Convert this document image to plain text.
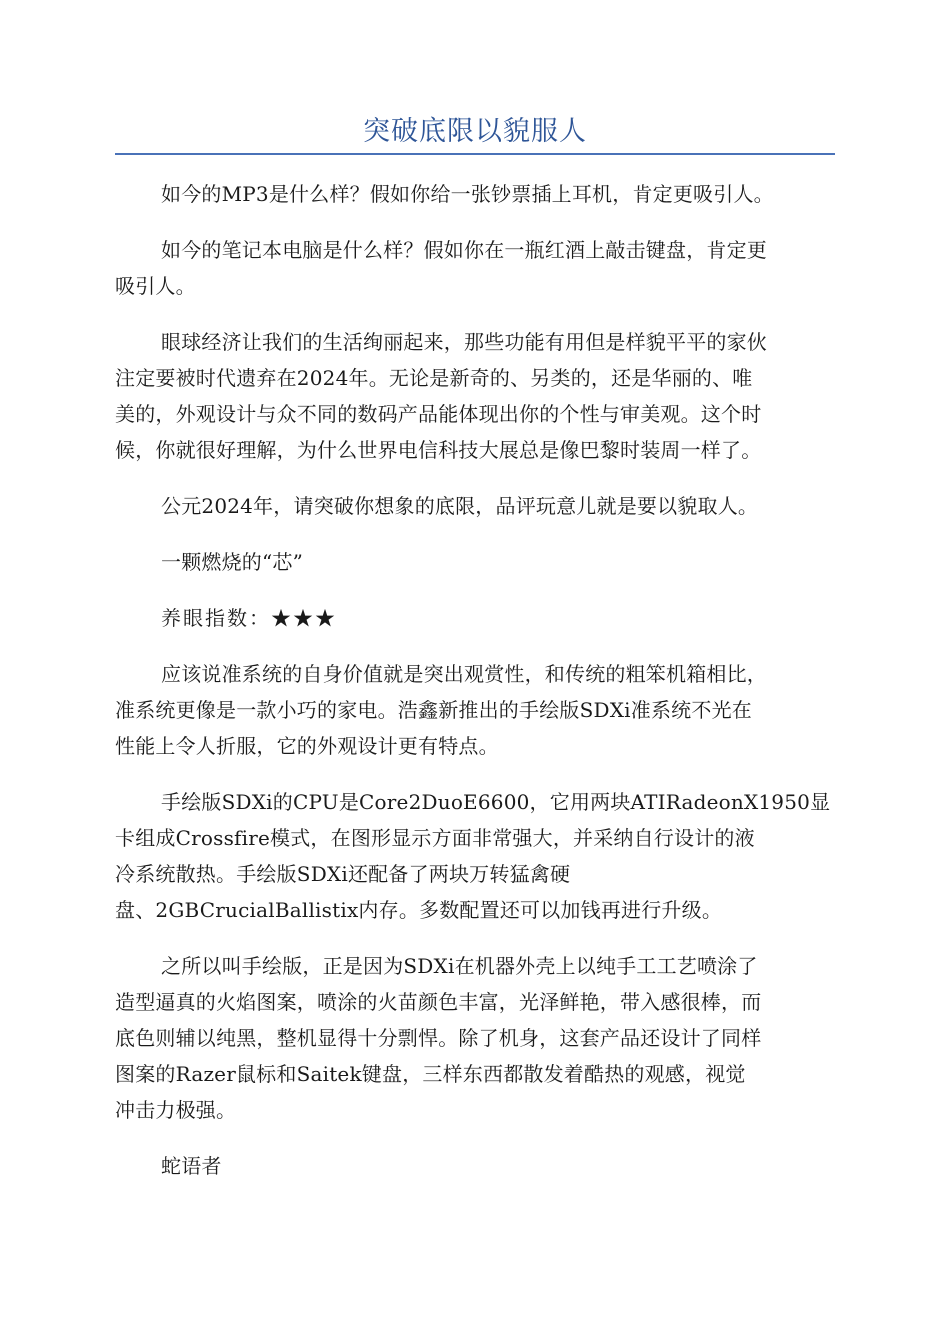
突破底限以貌服人

如今的MP3是什么样？假如你给一张钞票插上耳机，肯定更吸引人。

如今的笔记本电脑是什么样？假如你在一瓶红酒上敲击键盘，肯定更
吸引人。

眼球经济让我们的生活绚丽起来，那些功能有用但是样貌平平的家伙
注定要被时代遗弃在2024年。无论是新奇的、另类的，还是华丽的、唯
美的，外观设计与众不同的数码产品能体现出你的个性与审美观。这个时
候，你就很好理解，为什么世界电信科技大展总是像巴黎时装周一样了。

公元2024年，请突破你想象的底限，品评玩意儿就是要以貌取人。

一颗燃烧的“芯”

养眼指数：★★★

应该说准系统的自身价值就是突出观赏性，和传统的粗笨机箱相比，
准系统更像是一款小巧的家电。浩鑫新推出的手绘版SDXi准系统不光在
性能上令人折服，它的外观设计更有特点。

手绘版SDXi的CPU是Core2DuoE6600，它用两块ATIRadeonX1950显
卡组成Crossfire模式，在图形显示方面非常强大，并采纳自行设计的液
冷系统散热。手绘版SDXi还配备了两块万转猛禽硬
盘、2GBCrucialBallistix内存。多数配置还可以加钱再进行升级。

之所以叫手绘版，正是因为SDXi在机器外壳上以纯手工工艺喷涂了
造型逼真的火焰图案，喷涂的火苗颜色丰富，光泽鲜艳，带入感很棒，而
底色则辅以纯黑，整机显得十分剽悍。除了机身，这套产品还设计了同样
图案的Razer鼠标和Saitek键盘，三样东西都散发着酷热的观感，视觉
冲击力极强。

蛇语者
